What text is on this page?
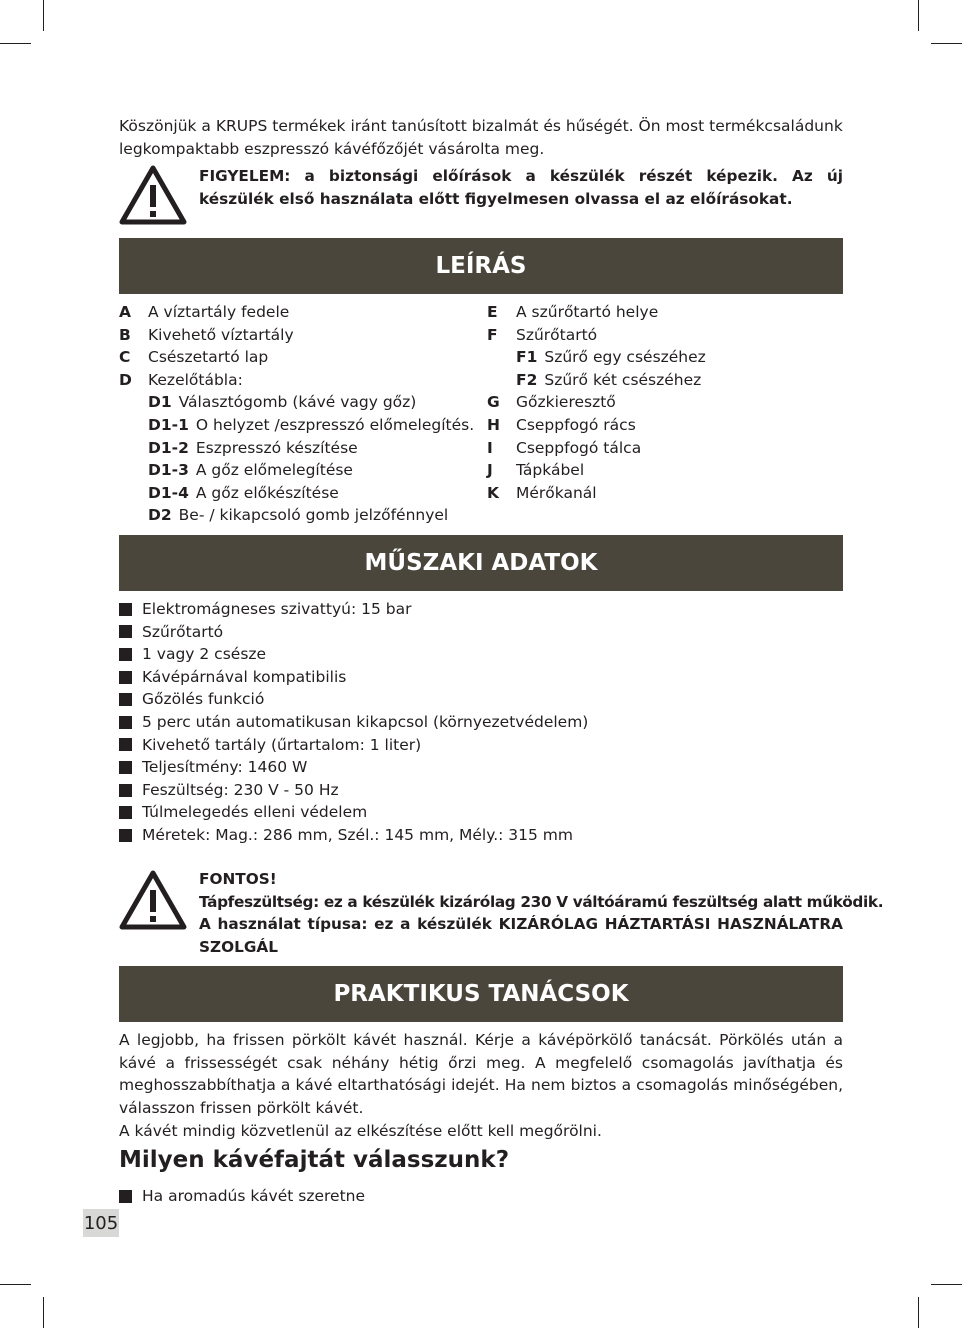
Köszönjük a KRUPS termékek iránt tanúsított bizalmát és hűségét. Ön most termékcsaládunk legkompaktabb eszpresszó kávéfőzőjét vásárolta meg.
FIGYELEM: a biztonsági előírások a készülék részét képezik. Az új készülék első használata előtt figyelmesen olvassa el az előírásokat.
LEÍRÁS
A	A víztartály fedele
B	Kivehető víztartály
C	Csészetartó lap
D	Kezelőtábla:
D1 Választógomb (kávé vagy gőz)
D1-1 O helyzet /eszpresszó előmelegítés.
D1-2 Eszpresszó készítése
D1-3 A gőz előmelegítése
D1-4 A gőz előkészítése
D2 Be- / kikapcsoló gomb jelzőfénnyel
E	A szűrőtartó helye
F	Szűrőtartó
F1 Szűrő egy csészéhez
F2 Szűrő két csészéhez
G	Gőzkieresztő
H	Cseppfogó rács
I	Cseppfogó tálca
J	Tápkábel
K	Mérőkanál
MŰSZAKI ADATOK
Elektromágneses szivattyú: 15 bar
Szűrőtartó
1 vagy 2 csésze
Kávépárnával kompatibilis
Gőzölés funkció
5 perc után automatikusan kikapcsol (környezetvédelem)
Kivehető tartály (űrtartalom: 1 liter)
Teljesítmény: 1460 W
Feszültség: 230 V - 50 Hz
Túlmelegedés elleni védelem
Méretek: Mag.: 286 mm, Szél.: 145 mm, Mély.: 315 mm
FONTOS!
Tápfeszültség: ez a készülék kizárólag 230 V váltóáramú feszültség alatt működik.
A használat típusa: ez a készülék KIZÁRÓLAG HÁZTARTÁSI HASZNÁLATRA SZOLGÁL
PRAKTIKUS TANÁCSOK
A legjobb, ha frissen pörkölt kávét használ. Kérje a kávépörkölő tanácsát. Pörkölés után a kávé a frissességét csak néhány hétig őrzi meg. A megfelelő csomagolás javíthatja és meghosszabbíthatja a kávé eltarthatósági idejét. Ha nem biztos a csomagolás minőségében, válasszon frissen pörkölt kávét.
A kávét mindig közvetlenül az elkészítése előtt kell megőrölni.
Milyen kávéfajtát válasszunk?
Ha aromadús kávét szeretne
105
